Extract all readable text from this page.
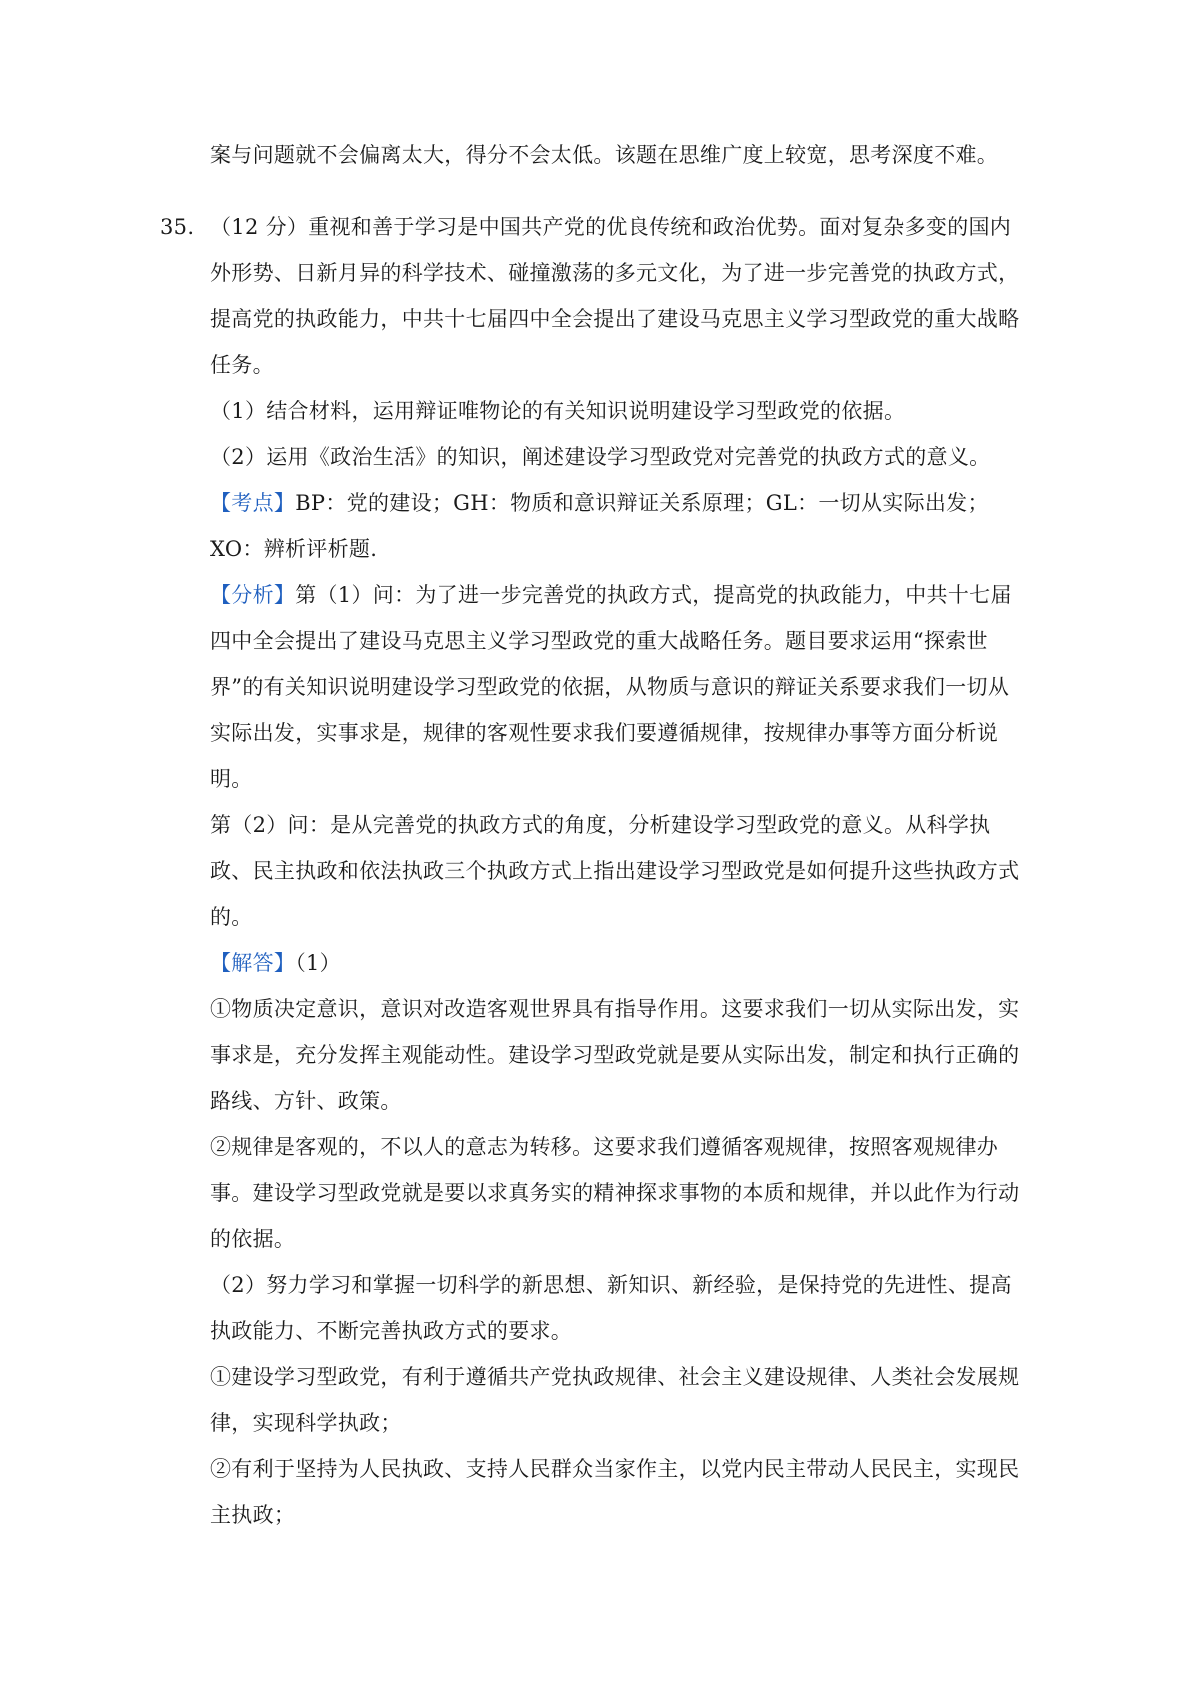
案与问题就不会偏离太大，得分不会太低。该题在思维广度上较宽，思考深度不难。
35. （12 分）重视和善于学习是中国共产党的优良传统和政治优势。面对复杂多变的国内
外形势、日新月异的科学技术、碰撞激荡的多元文化，为了进一步完善党的执政方式，
提高党的执政能力，中共十七届四中全会提出了建设马克思主义学习型政党的重大战略
任务。
（1）结合材料，运用辩证唯物论的有关知识说明建设学习型政党的依据。
（2）运用《政治生活》的知识，阐述建设学习型政党对完善党的执政方式的意义。
【考点】BP：党的建设；GH：物质和意识辩证关系原理；GL：一切从实际出发；
XO：辨析评析题.
【分析】第（1）问：为了进一步完善党的执政方式，提高党的执政能力，中共十七届
四中全会提出了建设马克思主义学习型政党的重大战略任务。题目要求运用“探索世
界”的有关知识说明建设学习型政党的依据，从物质与意识的辩证关系要求我们一切从
实际出发，实事求是，规律的客观性要求我们要遵循规律，按规律办事等方面分析说
明。
第（2）问：是从完善党的执政方式的角度，分析建设学习型政党的意义。从科学执
政、民主执政和依法执政三个执政方式上指出建设学习型政党是如何提升这些执政方式
的。
【解答】（1）
①物质决定意识，意识对改造客观世界具有指导作用。这要求我们一切从实际出发，实
事求是，充分发挥主观能动性。建设学习型政党就是要从实际出发，制定和执行正确的
路线、方针、政策。
②规律是客观的，不以人的意志为转移。这要求我们遵循客观规律，按照客观规律办
事。建设学习型政党就是要以求真务实的精神探求事物的本质和规律，并以此作为行动
的依据。
（2）努力学习和掌握一切科学的新思想、新知识、新经验，是保持党的先进性、提高
执政能力、不断完善执政方式的要求。
①建设学习型政党，有利于遵循共产党执政规律、社会主义建设规律、人类社会发展规
律，实现科学执政；
②有利于坚持为人民执政、支持人民群众当家作主，以党内民主带动人民民主，实现民
主执政；
